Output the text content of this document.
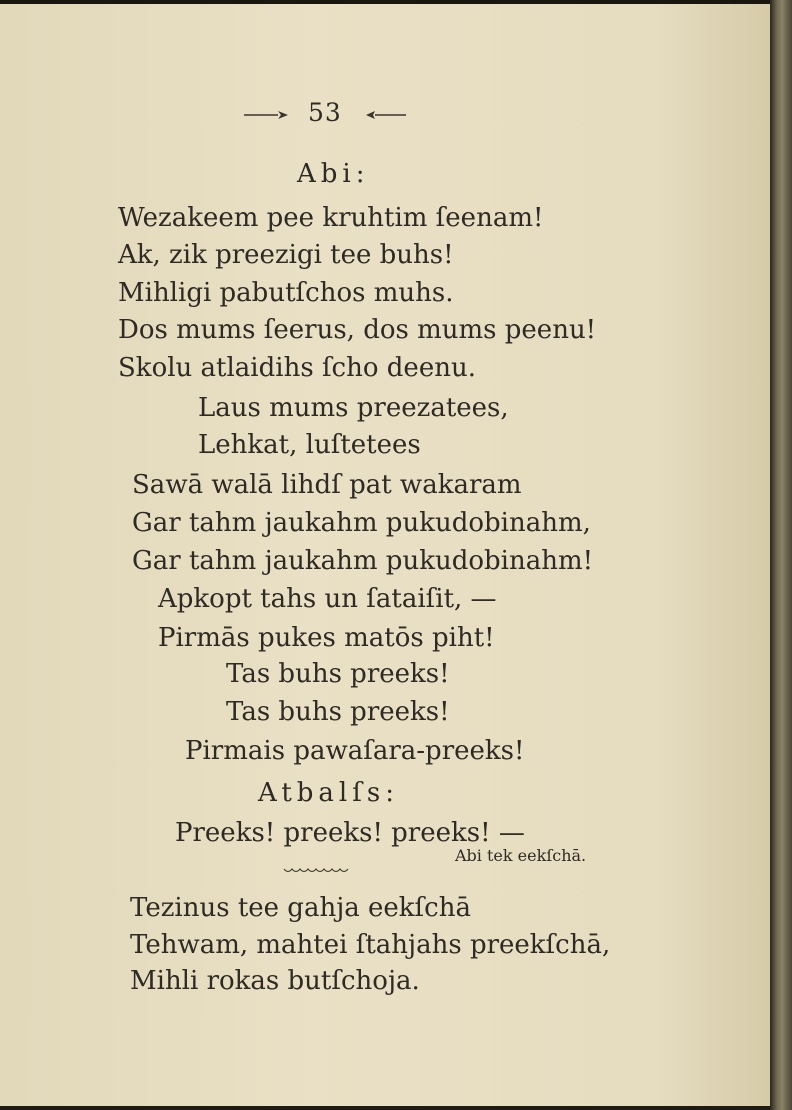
53
Abi:
Wezakeem pee kruhtim ſeenam!
Ak, zik preezigi tee buhs!
Mihligi pabutſchos muhs.
Dos mums ſeerus, dos mums peenu!
Skolu atlaidihs ſcho deenu.
Laus mums preezatees,
Lehkat, luſtetees
Sawā walā lihdſ pat wakaram
Gar tahm jaukahm pukudobinahm,
Gar tahm jaukahm pukudobinahm!
Apkopt tahs un ſataiſit, —
Pirmās pukes matōs piht!
Tas buhs preeks!
Tas buhs preeks!
Pirmais pawaſara-preeks!
Atbalſs:
Preeks! preeks! preeks! —
Abi tek eekſchā.
Tezinus tee gahja eekſchā
Tehwam, mahtei ſtahjahs preekſchā,
Mihli rokas butſchoja.
